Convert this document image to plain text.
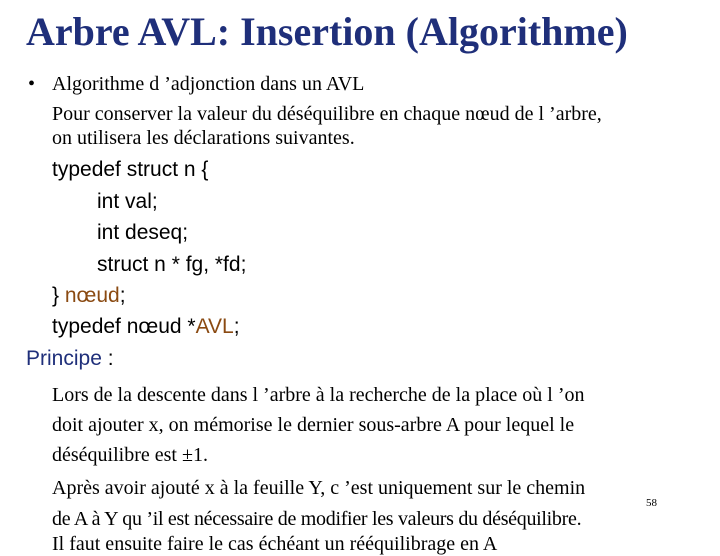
Arbre AVL: Insertion (Algorithme)
• Algorithme d ’adjonction dans un AVL
Pour conserver la valeur du déséquilibre en chaque nœud de l ’arbre,
on utilisera les déclarations suivantes.
typedef struct n {
int val;
int deseq;
struct n * fg, *fd;
} nœud;
typedef nœud *AVL;
Principe :
Lors de la descente dans l ’arbre à la recherche de la place où l ’on
doit ajouter x, on mémorise le dernier sous-arbre A pour lequel le
déséquilibre est ±1.
Après avoir ajouté x à la feuille Y, c ’est uniquement sur le chemin
de A à Y qu ’il est nécessaire de modifier les valeurs du déséquilibre.
58
Il faut ensuite faire le cas échéant un rééquilibrage en A
